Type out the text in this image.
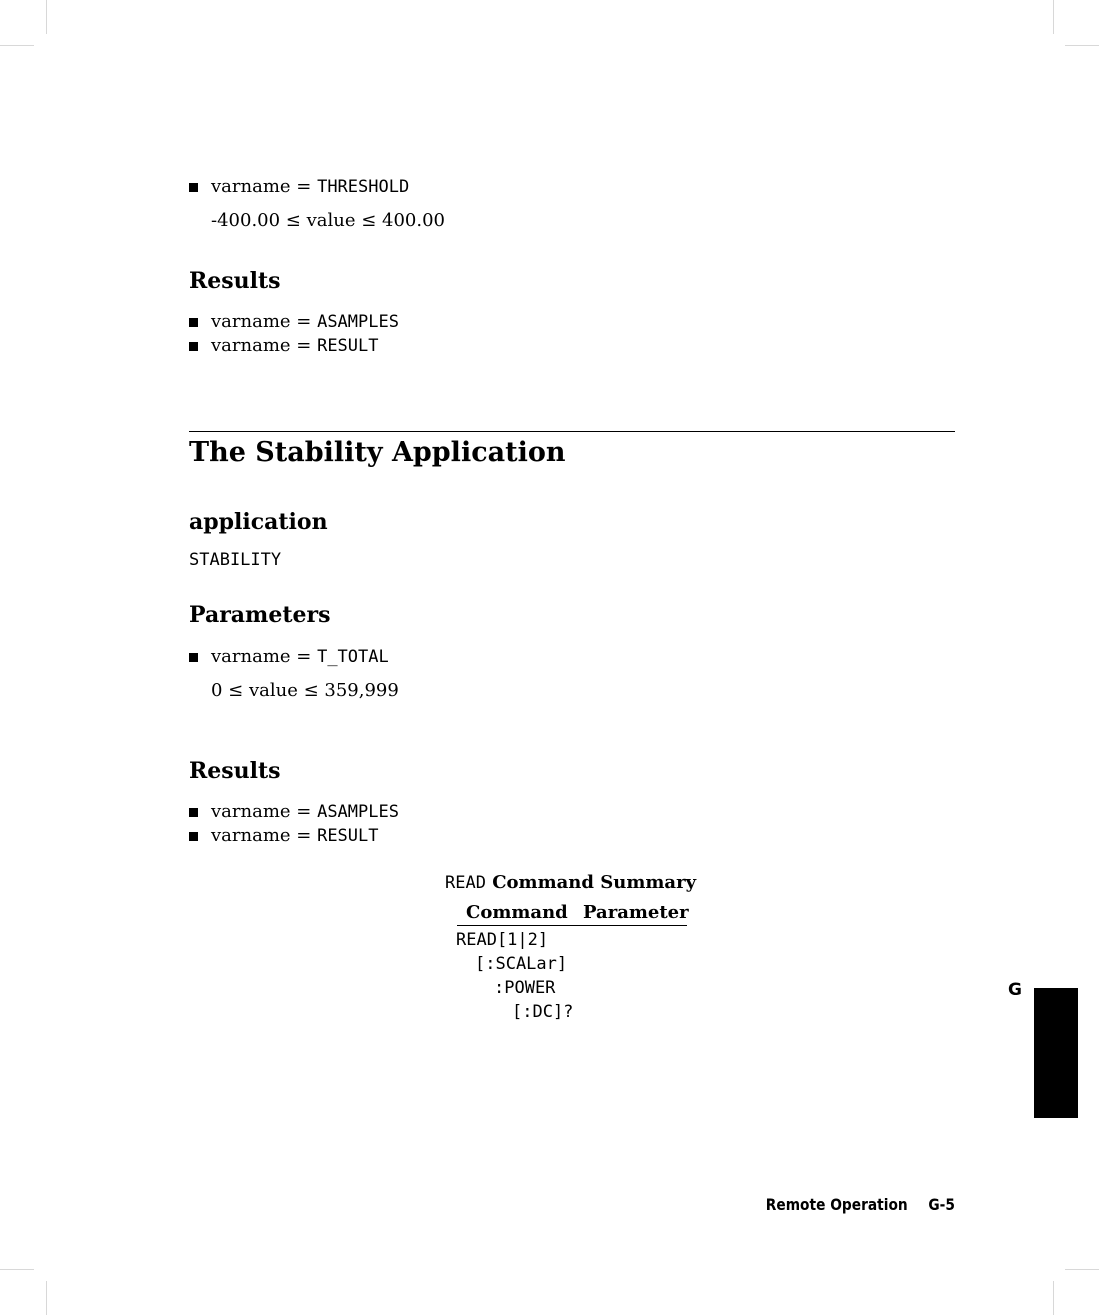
varname = THRESHOLD
-400.00 ≤ value ≤ 400.00
Results
varname = ASAMPLES
varname = RESULT
The Stability Application
application
STABILITY
Parameters
varname = T_TOTAL
0 ≤ value ≤ 359,999
Results
varname = ASAMPLES
varname = RESULT
READ Command Summary
Command Parameter
READ[1|2]
[:SCALar]
:POWER
[:DC]?
G
Remote Operation G-5
